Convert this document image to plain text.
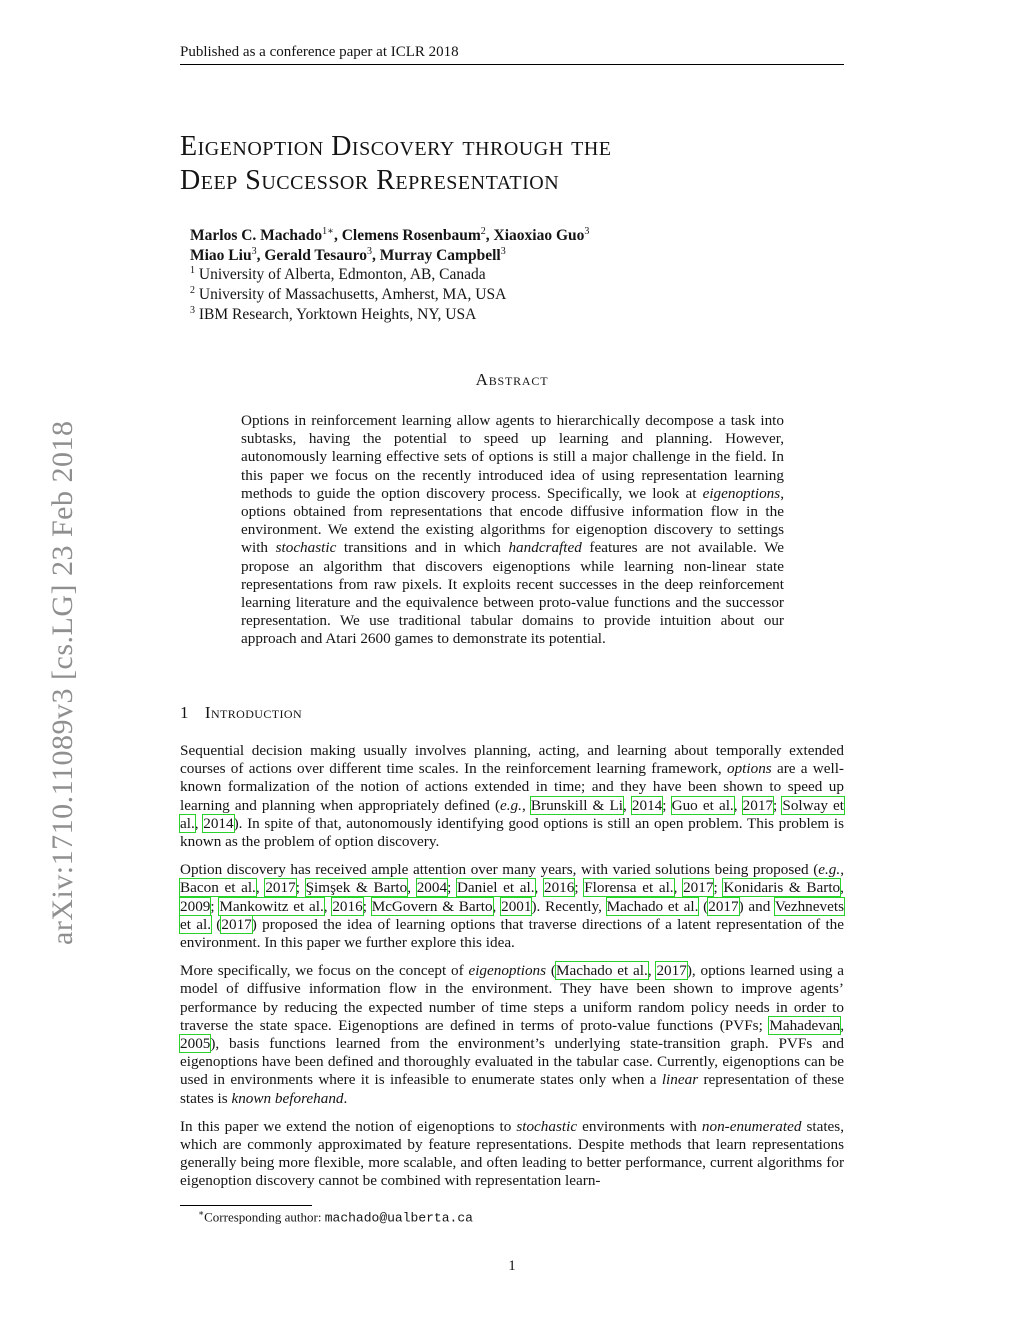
Published as a conference paper at ICLR 2018
arXiv:1710.11089v3 [cs.LG] 23 Feb 2018
Eigenoption Discovery through the
Deep Successor Representation
Marlos C. Machado$^{1∗}$, Clemens Rosenbaum$^2$, Xiaoxiao Guo$^3$
Miao Liu$^3$, Gerald Tesauro$^3$, Murray Campbell$^3$
$^1$ University of Alberta, Edmonton, AB, Canada
$^2$ University of Massachusetts, Amherst, MA, USA
$^3$ IBM Research, Yorktown Heights, NY, USA
Abstract
Options in reinforcement learning allow agents to hierarchically decompose a task into subtasks, having the potential to speed up learning and planning. However, autonomously learning effective sets of options is still a major challenge in the field. In this paper we focus on the recently introduced idea of using representation learning methods to guide the option discovery process. Specifically, we look at eigenoptions, options obtained from representations that encode diffusive information flow in the environment. We extend the existing algorithms for eigenoption discovery to settings with stochastic transitions and in which handcrafted features are not available. We propose an algorithm that discovers eigenoptions while learning non-linear state representations from raw pixels. It exploits recent successes in the deep reinforcement learning literature and the equivalence between proto-value functions and the successor representation. We use traditional tabular domains to provide intuition about our approach and Atari 2600 games to demonstrate its potential.
1 Introduction

Sequential decision making usually involves planning, acting, and learning about temporally extended courses of actions over different time scales. In the reinforcement learning framework, options are a well-known formalization of the notion of actions extended in time; and they have been shown to speed up learning and planning when appropriately defined (e.g., Brunskill & Li, 2014; Guo et al., 2017; Solway et al., 2014). In spite of that, autonomously identifying good options is still an open problem. This problem is known as the problem of option discovery.

Option discovery has received ample attention over many years, with varied solutions being proposed (e.g., Bacon et al., 2017; Şimşek & Barto, 2004; Daniel et al., 2016; Florensa et al., 2017; Konidaris & Barto, 2009; Mankowitz et al., 2016; McGovern & Barto, 2001). Recently, Machado et al. (2017) and Vezhnevets et al. (2017) proposed the idea of learning options that traverse directions of a latent representation of the environment. In this paper we further explore this idea.

More specifically, we focus on the concept of eigenoptions (Machado et al., 2017), options learned using a model of diffusive information flow in the environment. They have been shown to improve agents’ performance by reducing the expected number of time steps a uniform random policy needs in order to traverse the state space. Eigenoptions are defined in terms of proto-value functions (PVFs; Mahadevan, 2005), basis functions learned from the environment’s underlying state-transition graph. PVFs and eigenoptions have been defined and thoroughly evaluated in the tabular case. Currently, eigenoptions can be used in environments where it is infeasible to enumerate states only when a linear representation of these states is known beforehand.

In this paper we extend the notion of eigenoptions to stochastic environments with non-enumerated states, which are commonly approximated by feature representations. Despite methods that learn representations generally being more flexible, more scalable, and often leading to better performance, current algorithms for eigenoption discovery cannot be combined with representation learn-

∗Corresponding author: machado@ualberta.ca
1
